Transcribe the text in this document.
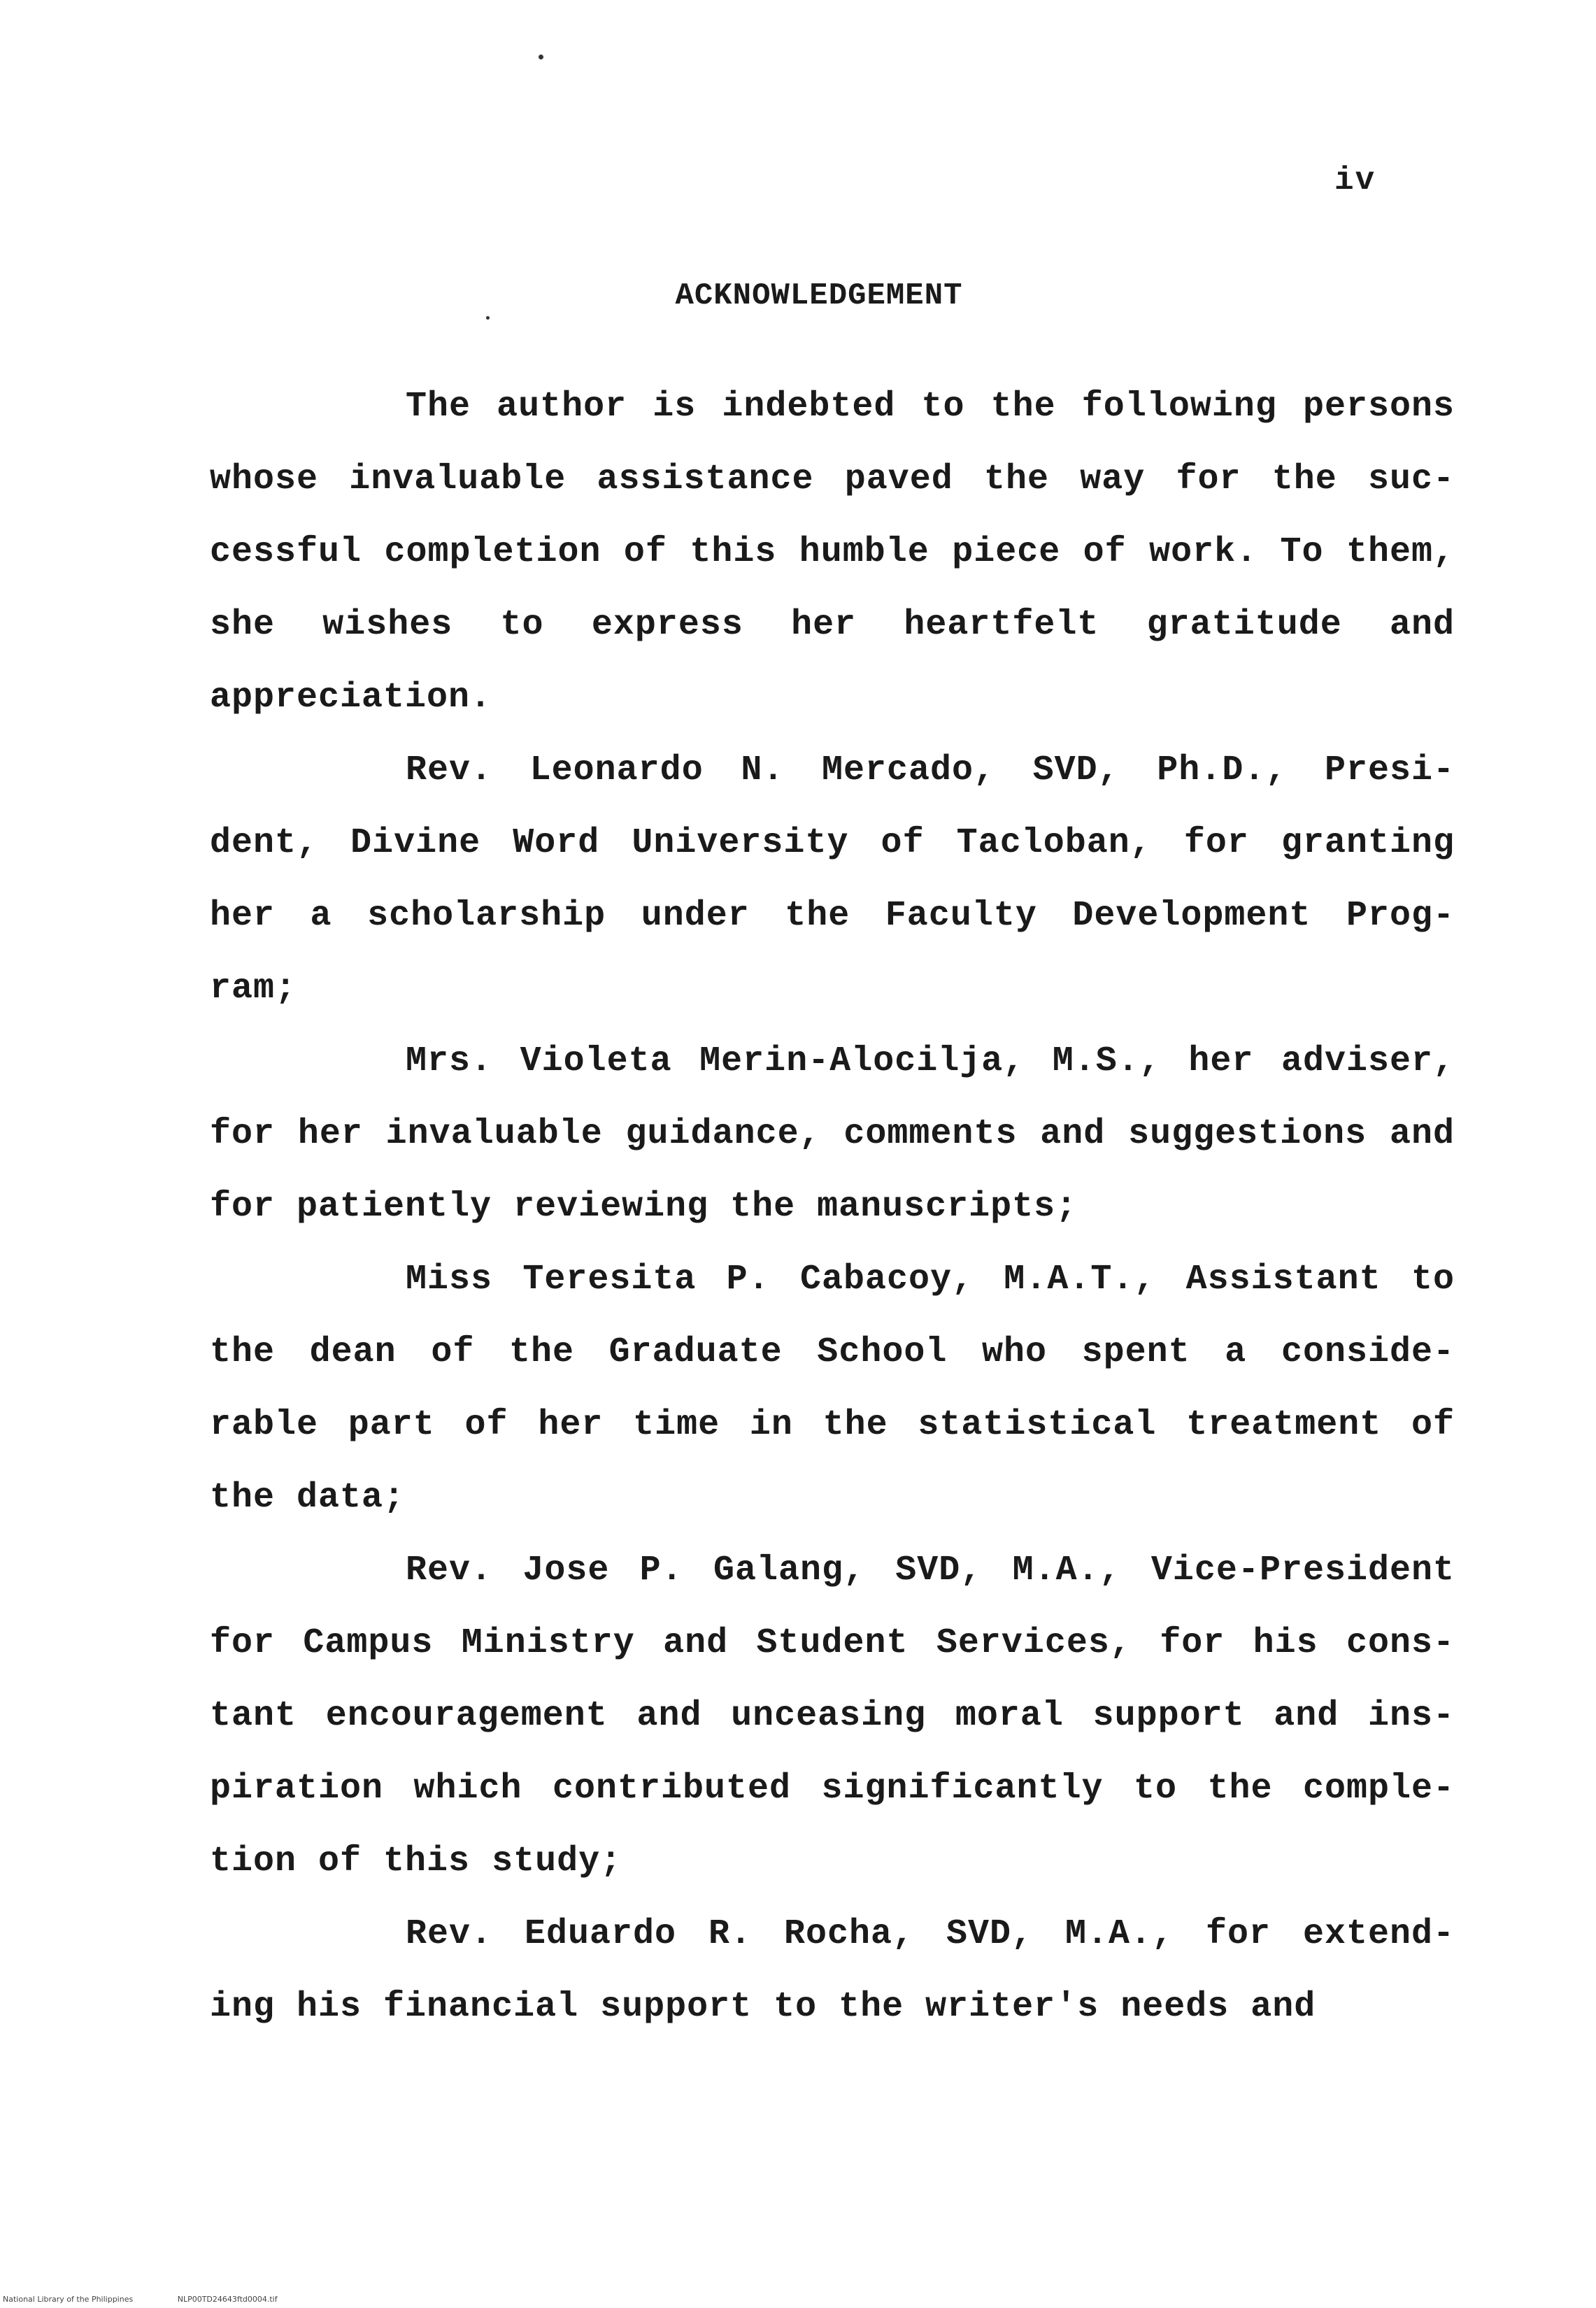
iv
ACKNOWLEDGEMENT

The author is indebted to the following persons whose invaluable assistance paved the way for the suc- cessful completion of this humble piece of work. To them, she wishes to express her heartfelt gratitude and appreciation.

Rev. Leonardo N. Mercado, SVD, Ph.D., Presi- dent, Divine Word University of Tacloban, for granting her a scholarship under the Faculty Development Prog- ram;

Mrs. Violeta Merin-Alocilja, M.S., her adviser, for her invaluable guidance, comments and suggestions and for patiently reviewing the manuscripts;

Miss Teresita P. Cabacoy, M.A.T., Assistant to the dean of the Graduate School who spent a conside- rable part of her time in the statistical treatment of the data;

Rev. Jose P. Galang, SVD, M.A., Vice-President for Campus Ministry and Student Services, for his cons- tant encouragement and unceasing moral support and ins- piration which contributed significantly to the comple- tion of this study;

Rev. Eduardo R. Rocha, SVD, M.A., for extend- ing his financial support to the writer's needs and

National Library of the Philippines	NLP00TD24643ftd0004.tif
